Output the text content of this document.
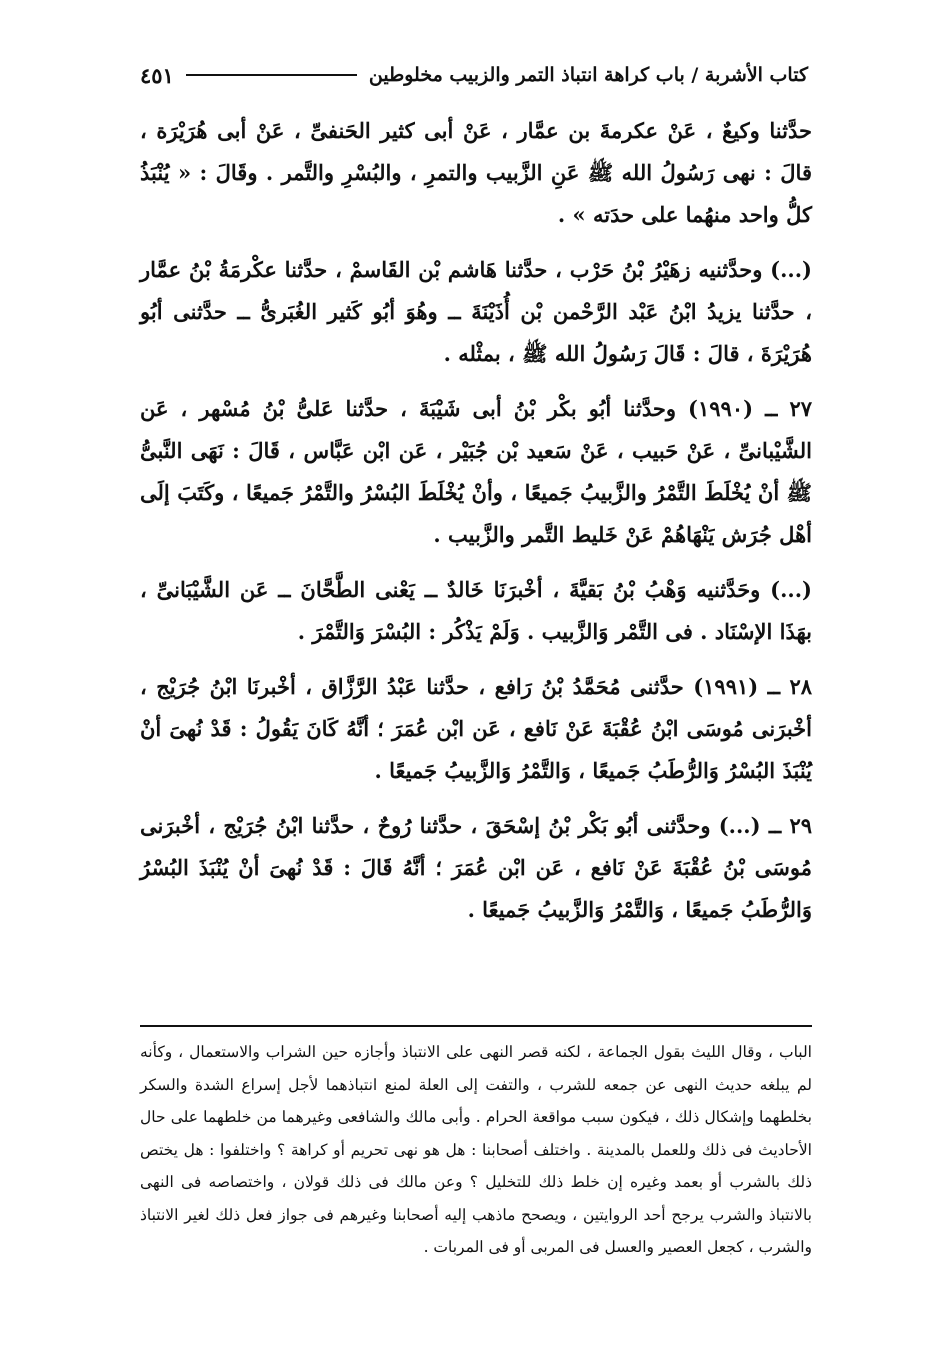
كتاب الأشربة / باب كراهة انتباذ التمر والزبيب مخلوطين
٤٥١

حدَّثنا وكيعٌ ، عَنْ عكرمةَ بن عمَّار ، عَنْ أبى كثير الحَنفىِّ ، عَنْ أبى هُرَيْرَة ، قالَ : نهى رَسُولُ الله ﷺ عَنِ الزَّبيب والتمرِ ، والبُسْرِ والتَّمر . وقَالَ : « يُنْبَذُ كلُّ واحد منهُما على حدَته » .

(...) وحدَّثنيه زهَيْرُ بْنُ حَرْب ، حدَّثنا هَاشم بْن القَاسمْ ، حدَّثنا عكْرمَةُ بْنُ عمَّار ، حدَّثنا يزيدُ ابْنُ عَبْد الرَّحْمن بْن أُذَيْنَةَ ــ وهُوَ أبُو كَثير الغُبَرىُّ ــ حدَّثنى أبُو هُرَيْرَةَ ، قالَ : قَالَ رَسُولُ الله ﷺ ، بمثْله .

٢٧ ــ (١٩٩٠) وحدَّثنا أبُو بكْر بْنُ أبى شَيْبَةَ ، حدَّثنا عَلىُّ بْنُ مُسْهر ، عَن الشَّيْبانىِّ ، عَنْ حَبيب ، عَنْ سَعيد بْن جُبَيْر ، عَن ابْن عَبَّاس ، قَالَ : نَهَى النَّبىُّ ﷺ أنْ يُخْلَطَ التَّمْرُ والزَّبيبُ جَميعًا ، وأنْ يُخْلَطَ البُسْرُ والتَّمْرُ جَميعًا ، وكَتَبَ إلَى أهْل جُرَش يَنْهَاهُمْ عَنْ خَليط التَّمر والزَّبيب .

(...) وحَدَّثنيه وَهْبُ بْنُ بَقيَّةَ ، أخْبرَنَا خَالدٌ ــ يَعْنى الطَّحَّانَ ــ عَن الشَّيْبَانىِّ ، بهَذَا الإسْنَاد . فى التَّمْر وَالزَّبيب . وَلَمْ يَذْكُر : البُسْرَ وَالتَّمْرَ .

٢٨ ــ (١٩٩١) حدَّثنى مُحَمَّدُ بْنُ رَافع ، حدَّثنا عَبْدُ الرَّزَّاق ، أخْبرنَا ابْنُ جُرَيْج ، أخْبرَنى مُوسَى ابْنُ عُقْبَةَ عَنْ نَافع ، عَن ابْن عُمَرَ ؛ أنَّهُ كَانَ يَقُولُ : قَدْ نُهىَ أنْ يُنْبَذَ البُسْرُ وَالرُّطَبُ جَميعًا ، وَالتَّمْرُ وَالزَّبيبُ جَميعًا .

٢٩ ــ (...) وحدَّثنى أبُو بَكْر بْنُ إسْحَقَ ، حدَّثنا رُوحٌ ، حدَّثنا ابْنُ جُرَيْج ، أخْبرَنى مُوسَى بْنُ عُقْبَةَ عَنْ نَافع ، عَن ابْن عُمَرَ ؛ أنَّهُ قَالَ : قَدْ نُهىَ أنْ يُنْبَذَ البُسْرُ وَالرُّطَبُ جَميعًا ، وَالتَّمْرُ وَالزَّبيبُ جَميعًا .

الباب ، وقال الليث بقول الجماعة ، لكنه قصر النهى على الانتباذ وأجازه حين الشراب والاستعمال ، وكأنه لم يبلغه حديث النهى عن جمعه للشرب ، والتفت إلى العلة لمنع انتباذهما لأجل إسراع الشدة والسكر بخلطهما وإشكال ذلك ، فيكون سبب مواقعة الحرام . وأبى مالك والشافعى وغيرهما من خلطهما على حال الأحاديث فى ذلك وللعمل بالمدينة . واختلف أصحابنا : هل هو نهى تحريم أو كراهة ؟ واختلفوا : هل يختص ذلك بالشرب أو بعمد وغيره إن خلط ذلك للتخليل ؟ وعن مالك فى ذلك قولان ، واختصاصه فى النهى بالانتباذ والشرب يرجح أحد الروايتين ، ويصحح ماذهب إليه أصحابنا وغيرهم فى جواز فعل ذلك لغير الانتباذ والشرب ، كجعل العصير والعسل فى المربى أو فى المربات .
